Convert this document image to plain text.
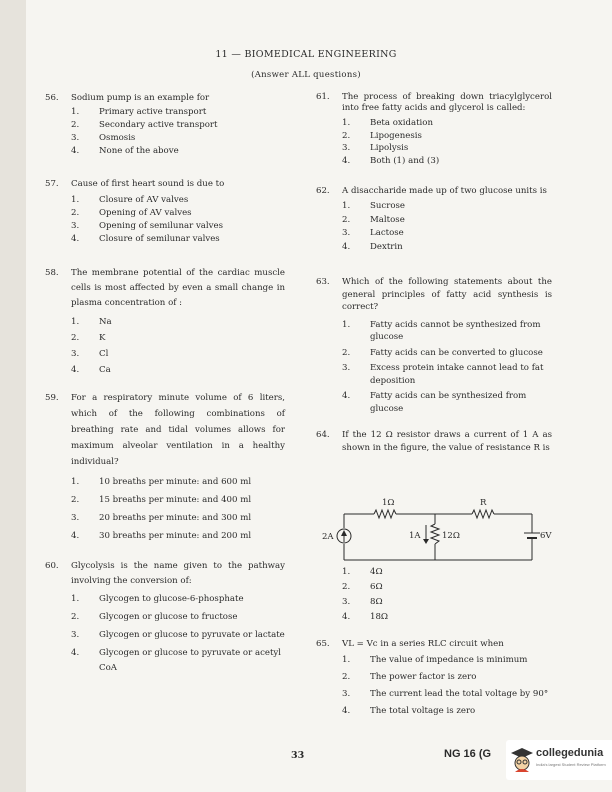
11 — BIOMEDICAL ENGINEERING
(Answer ALL questions)
56. Sodium pump is an example for
1. Primary active transport
2. Secondary active transport
3. Osmosis
4. None of the above
57. Cause of first heart sound is due to
1. Closure of AV valves
2. Opening of AV valves
3. Opening of semilunar valves
4. Closure of semilunar valves
58. The membrane potential of the cardiac muscle cells is most affected by even a small change in plasma concentration of :
1. Na
2. K
3. Cl
4. Ca
59. For a respiratory minute volume of 6 liters, which of the following combinations of breathing rate and tidal volumes allows for maximum alveolar ventilation in a healthy individual?
1. 10 breaths per minute: and 600 ml
2. 15 breaths per minute: and 400 ml
3. 20 breaths per minute: and 300 ml
4. 30 breaths per minute: and 200 ml
60. Glycolysis is the name given to the pathway involving the conversion of:
1. Glycogen to glucose-6-phosphate
2. Glycogen or glucose to fructose
3. Glycogen or glucose to pyruvate or lactate
4. Glycogen or glucose to pyruvate or acetyl CoA
61. The process of breaking down triacylglycerol into free fatty acids and glycerol is called:
1. Beta oxidation
2. Lipogenesis
3. Lipolysis
4. Both (1) and (3)
62. A disaccharide made up of two glucose units is
1. Sucrose
2. Maltose
3. Lactose
4. Dextrin
63. Which of the following statements about the general principles of fatty acid synthesis is correct?
1. Fatty acids cannot be synthesized from glucose
2. Fatty acids can be converted to glucose
3. Excess protein intake cannot lead to fat deposition
4. Fatty acids can be synthesized from glucose
64. If the 12 Ω resistor draws a current of 1 A as shown in the figure, the value of resistance R is
1Ω	R
2A	1A	12Ω	6V
1. 4Ω
2. 6Ω
3. 8Ω
4. 18Ω
65. VL = Vc in a series RLC circuit when
1. The value of impedance is minimum
2. The power factor is zero
3. The current lead the total voltage by 90°
4. The total voltage is zero
33	NG 16 (G	collegedunia
India's largest Student Review Platform
